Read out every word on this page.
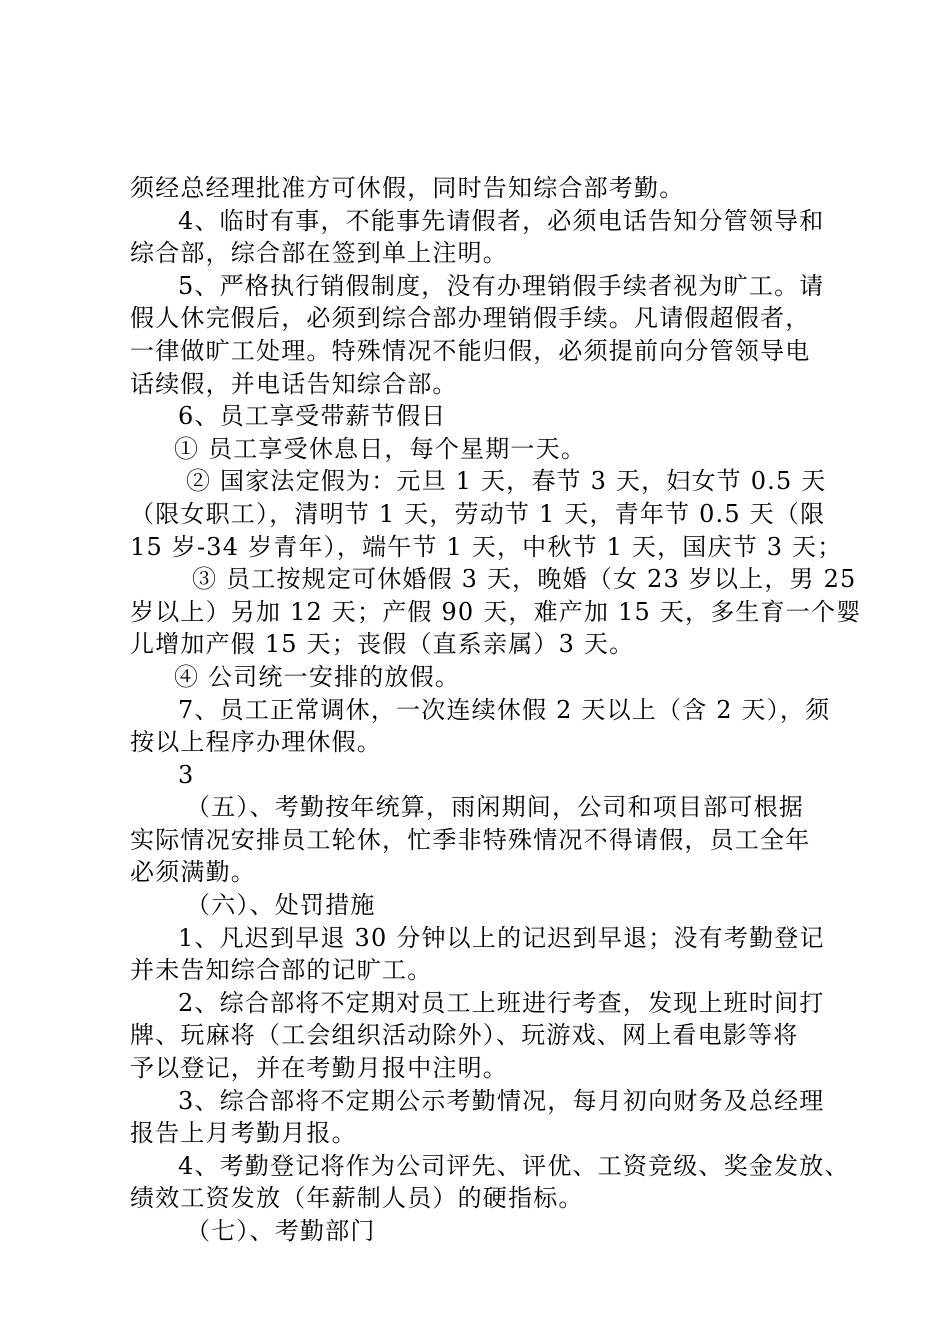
须经总经理批准方可休假，同时告知综合部考勤。
4、临时有事，不能事先请假者，必须电话告知分管领导和
综合部，综合部在签到单上注明。
5、严格执行销假制度，没有办理销假手续者视为旷工。请
假人休完假后，必须到综合部办理销假手续。凡请假超假者，
一律做旷工处理。特殊情况不能归假，必须提前向分管领导电
话续假，并电话告知综合部。
6、员工享受带薪节假日
① 员工享受休息日，每个星期一天。
② 国家法定假为：元旦 1 天，春节 3 天，妇女节 0.5 天
（限女职工），清明节 1 天，劳动节 1 天，青年节 0.5 天（限
15 岁-34 岁青年），端午节 1 天，中秋节 1 天，国庆节 3 天；
③ 员工按规定可休婚假 3 天，晚婚（女 23 岁以上，男 25
岁以上）另加 12 天；产假 90 天，难产加 15 天，多生育一个婴
儿增加产假 15 天；丧假（直系亲属）3 天。
④ 公司统一安排的放假。
7、员工正常调休，一次连续休假 2 天以上（含 2 天），须
按以上程序办理休假。
3
（五）、考勤按年统算，雨闲期间，公司和项目部可根据
实际情况安排员工轮休，忙季非特殊情况不得请假，员工全年
必须满勤。
（六）、处罚措施
1、凡迟到早退 30 分钟以上的记迟到早退；没有考勤登记
并未告知综合部的记旷工。
2、综合部将不定期对员工上班进行考查，发现上班时间打
牌、玩麻将（工会组织活动除外）、玩游戏、网上看电影等将
予以登记，并在考勤月报中注明。
3、综合部将不定期公示考勤情况，每月初向财务及总经理
报告上月考勤月报。
4、考勤登记将作为公司评先、评优、工资竞级、奖金发放、
绩效工资发放（年薪制人员）的硬指标。
（七）、考勤部门
